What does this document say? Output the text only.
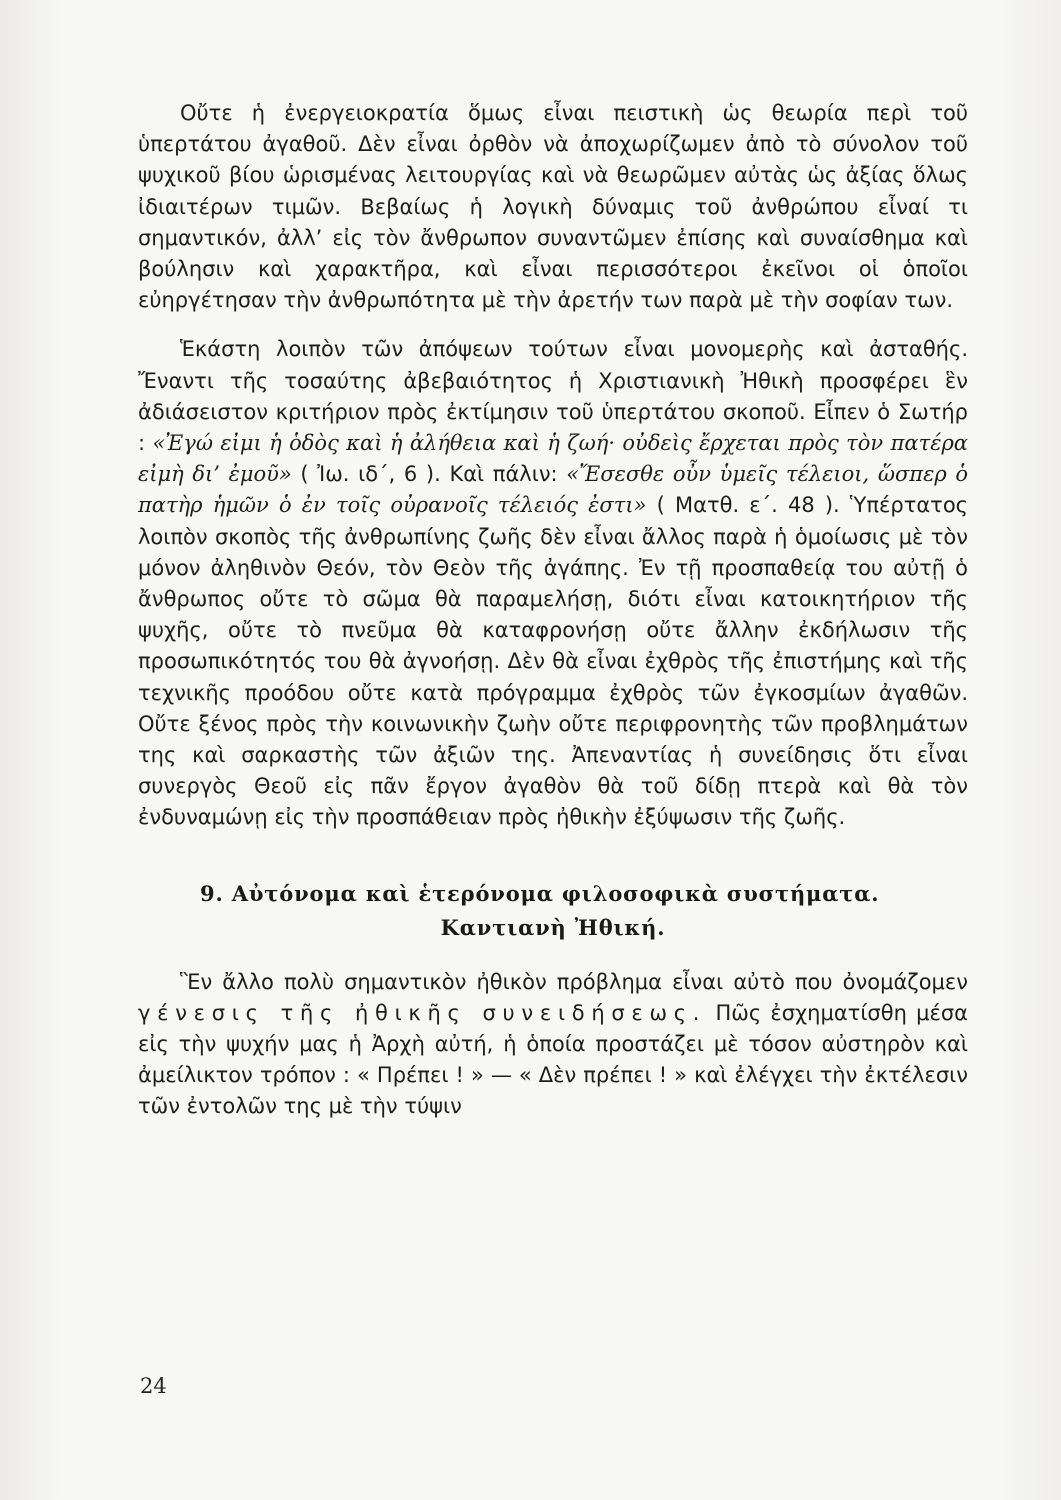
Οὔτε ἡ ἐνεργειοκρατία ὅμως εἶναι πειστικὴ ὡς θεωρία περὶ τοῦ ὑπερτάτου ἀγαθοῦ. Δὲν εἶναι ὀρθὸν νὰ ἀποχωρίζωμεν ἀπὸ τὸ σύνολον τοῦ ψυχικοῦ βίου ὡρισμένας λειτουργίας καὶ νὰ θεωρῶμεν αὐτὰς ὡς ἀξίας ὅλως ἰδιαιτέρων τιμῶν. Βεβαίως ἡ λογικὴ δύναμις τοῦ ἀνθρώπου εἶναί τι σημαντικόν, ἀλλ’ εἰς τὸν ἄνθρωπον συναντῶμεν ἐπίσης καὶ συναίσθημα καὶ βούλησιν καὶ χαρακτῆρα, καὶ εἶναι περισσότεροι ἐκεῖνοι οἱ ὁποῖοι εὐηργέτησαν τὴν ἀνθρωπότητα μὲ τὴν ἀρετήν των παρὰ μὲ τὴν σοφίαν των.

Ἑκάστη λοιπὸν τῶν ἀπόψεων τούτων εἶναι μονομερὴς καὶ ἀσταθής. Ἔναντι τῆς τοσαύτης ἀβεβαιότητος ἡ Χριστιανικὴ Ἠθικὴ προσφέρει ἓν ἀδιάσειστον κριτήριον πρὸς ἐκτίμησιν τοῦ ὑπερτάτου σκοποῦ. Εἶπεν ὁ Σωτήρ : «Ἐγώ εἰμι ἡ ὁδὸς καὶ ἡ ἀλήθεια καὶ ἡ ζωή· οὐδεὶς ἔρχεται πρὸς τὸν πατέρα εἰμὴ δι’ ἐμοῦ» ( Ἰω. ιδ΄, 6 ). Καὶ πάλιν: «Ἔσεσθε οὖν ὑμεῖς τέλειοι, ὥσπερ ὁ πατὴρ ἡμῶν ὁ ἐν τοῖς οὐρανοῖς τέλειός ἐστι» ( Ματθ. ε΄. 48 ). Ὑπέρτατος λοιπὸν σκοπὸς τῆς ἀνθρωπίνης ζωῆς δὲν εἶναι ἄλλος παρὰ ἡ ὁμοίωσις μὲ τὸν μόνον ἀληθινὸν Θεόν, τὸν Θεὸν τῆς ἀγάπης. Ἐν τῇ προσπαθείᾳ του αὐτῇ ὁ ἄνθρωπος οὔτε τὸ σῶμα θὰ παραμελήσῃ, διότι εἶναι κατοικητήριον τῆς ψυχῆς, οὔτε τὸ πνεῦμα θὰ καταφρονήσῃ οὔτε ἄλλην ἐκδήλωσιν τῆς προσωπικότητός του θὰ ἀγνοήσῃ. Δὲν θὰ εἶναι ἐχθρὸς τῆς ἐπιστήμης καὶ τῆς τεχνικῆς προόδου οὔτε κατὰ πρόγραμμα ἐχθρὸς τῶν ἐγκοσμίων ἀγαθῶν. Οὔτε ξένος πρὸς τὴν κοινωνικὴν ζωὴν οὔτε περιφρονητὴς τῶν προβλημάτων της καὶ σαρκαστὴς τῶν ἀξιῶν της. Ἀπεναντίας ἡ συνείδησις ὅτι εἶναι συνεργὸς Θεοῦ εἰς πᾶν ἔργον ἀγαθὸν θὰ τοῦ δίδῃ πτερὰ καὶ θὰ τὸν ἐνδυναμώνῃ εἰς τὴν προσπάθειαν πρὸς ἠθικὴν ἐξύψωσιν τῆς ζωῆς.

9. Αὐτόνομα καὶ ἑτερόνομα φιλοσοφικὰ συστήματα.
Καντιανὴ Ἠθική.

Ἓν ἄλλο πολὺ σημαντικὸν ἠθικὸν πρόβλημα εἶναι αὐτὸ που ὀνομάζομεν γένεσις τῆς ἠθικῆς συνειδήσεως. Πῶς ἐσχηματίσθη μέσα εἰς τὴν ψυχήν μας ἡ Ἀρχὴ αὐτή, ἡ ὁποία προστάζει μὲ τόσον αὐστηρὸν καὶ ἀμείλικτον τρόπον : « Πρέπει ! » — « Δὲν πρέπει ! » καὶ ἐλέγχει τὴν ἐκτέλεσιν τῶν ἐντολῶν της μὲ τὴν τύψιν

24
